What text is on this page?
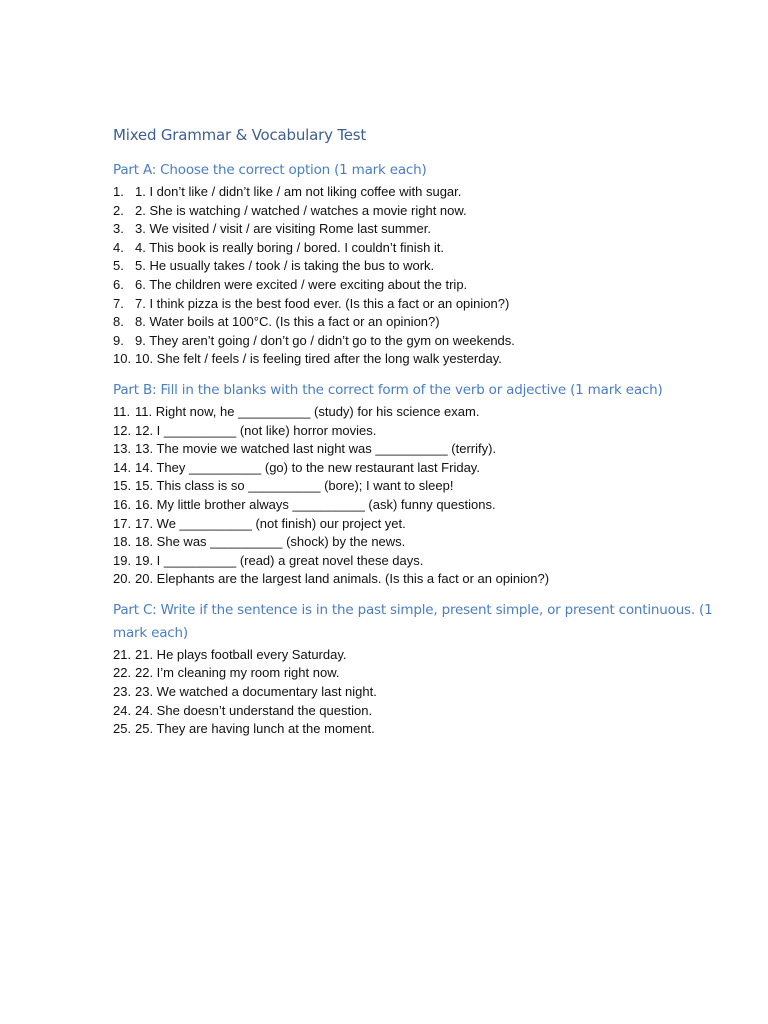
Mixed Grammar & Vocabulary Test
Part A: Choose the correct option (1 mark each)
1. 1. I don’t like / didn’t like / am not liking coffee with sugar.
2. 2. She is watching / watched / watches a movie right now.
3. 3. We visited / visit / are visiting Rome last summer.
4. 4. This book is really boring / bored. I couldn’t finish it.
5. 5. He usually takes / took / is taking the bus to work.
6. 6. The children were excited / were exciting about the trip.
7. 7. I think pizza is the best food ever. (Is this a fact or an opinion?)
8. 8. Water boils at 100°C. (Is this a fact or an opinion?)
9. 9. They aren’t going / don’t go / didn’t go to the gym on weekends.
10. 10. She felt / feels / is feeling tired after the long walk yesterday.
Part B: Fill in the blanks with the correct form of the verb or adjective (1 mark each)
11. 11. Right now, he __________ (study) for his science exam.
12. 12. I __________ (not like) horror movies.
13. 13. The movie we watched last night was __________ (terrify).
14. 14. They __________ (go) to the new restaurant last Friday.
15. 15. This class is so __________ (bore); I want to sleep!
16. 16. My little brother always __________ (ask) funny questions.
17. 17. We __________ (not finish) our project yet.
18. 18. She was __________ (shock) by the news.
19. 19. I __________ (read) a great novel these days.
20. 20. Elephants are the largest land animals. (Is this a fact or an opinion?)
Part C: Write if the sentence is in the past simple, present simple, or present continuous. (1 mark each)
21. 21. He plays football every Saturday.
22. 22. I’m cleaning my room right now.
23. 23. We watched a documentary last night.
24. 24. She doesn’t understand the question.
25. 25. They are having lunch at the moment.
